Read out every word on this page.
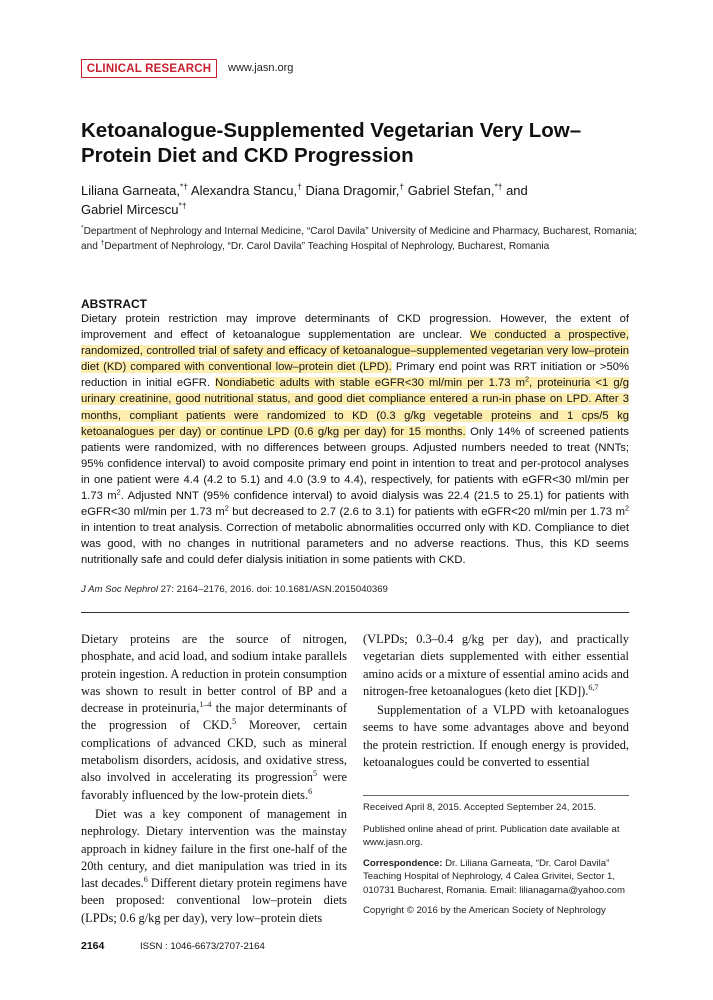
CLINICAL RESEARCH	www.jasn.org
Ketoanalogue-Supplemented Vegetarian Very Low–Protein Diet and CKD Progression
Liliana Garneata,*† Alexandra Stancu,† Diana Dragomir,† Gabriel Stefan,*† and
Gabriel Mircescu*†
*Department of Nephrology and Internal Medicine, “Carol Davila” University of Medicine and Pharmacy, Bucharest, Romania; and †Department of Nephrology, “Dr. Carol Davila” Teaching Hospital of Nephrology, Bucharest, Romania
ABSTRACT

Dietary protein restriction may improve determinants of CKD progression. However, the extent of improvement and effect of ketoanalogue supplementation are unclear. We conducted a prospective, randomized, controlled trial of safety and efficacy of ketoanalogue–supplemented vegetarian very low–protein diet (KD) compared with conventional low–protein diet (LPD). Primary end point was RRT initiation or >50% reduction in initial eGFR. Nondiabetic adults with stable eGFR<30 ml/min per 1.73 $m^2$, proteinuria <1 g/g urinary creatinine, good nutritional status, and good diet compliance entered a run-in phase on LPD. After 3 months, compliant patients were randomized to KD (0.3 g/kg vegetable proteins and 1 cps/5 kg ketoanalogues per day) or continue LPD (0.6 g/kg per day) for 15 months. Only 14% of screened patients patients were randomized, with no differences between groups. Adjusted numbers needed to treat (NNTs; 95% confidence interval) to avoid composite primary end point in intention to treat and per-protocol analyses in one patient were 4.4 (4.2 to 5.1) and 4.0 (3.9 to 4.4), respectively, for patients with eGFR<30 ml/min per 1.73 $m^2$. Adjusted NNT (95% confidence interval) to avoid dialysis was 22.4 (21.5 to 25.1) for patients with eGFR<30 ml/min per 1.73 $m^2$ but decreased to 2.7 (2.6 to 3.1) for patients with eGFR<20 ml/min per 1.73 $m^2$ in intention to treat analysis. Correction of metabolic abnormalities occurred only with KD. Compliance to diet was good, with no changes in nutritional parameters and no adverse reactions. Thus, this KD seems nutritionally safe and could defer dialysis initiation in some patients with CKD.

J Am Soc Nephrol 27: 2164–2176, 2016. doi: 10.1681/ASN.2015040369

Dietary proteins are the source of nitrogen, phosphate, and acid load, and sodium intake parallels protein ingestion. A reduction in protein consumption was shown to result in better control of BP and a decrease in proteinuria,$^{1-4}$ the major determinants of the progression of CKD.$^5$ Moreover, certain complications of advanced CKD, such as mineral metabolism disorders, acidosis, and oxidative stress, also involved in accelerating its progression$^5$ were favorably influenced by the low-protein diets.$^6$

Diet was a key component of management in nephrology. Dietary intervention was the mainstay approach in kidney failure in the first one-half of the 20th century, and diet manipulation was tried in its last decades.$^6$ Different dietary protein regimens have been proposed: conventional low–protein diets (LPDs; 0.6 g/kg per day), very low–protein diets

(VLPDs; 0.3–0.4 g/kg per day), and practically vegetarian diets supplemented with either essential amino acids or a mixture of essential amino acids and nitrogen-free ketoanalogues (keto diet [KD]).$^{6,7}$

Supplementation of a VLPD with ketoanalogues seems to have some advantages above and beyond the protein restriction. If enough energy is provided, ketoanalogues could be converted to essential

Received April 8, 2015. Accepted September 24, 2015.
Published online ahead of print. Publication date available at www.jasn.org.
Correspondence: Dr. Liliana Garneata, “Dr. Carol Davila” Teaching Hospital of Nephrology, 4 Calea Grivitei, Sector 1, 010731 Bucharest, Romania. Email: lilianagarna@yahoo.com
Copyright © 2016 by the American Society of Nephrology
2164	ISSN : 1046-6673/2707-2164
